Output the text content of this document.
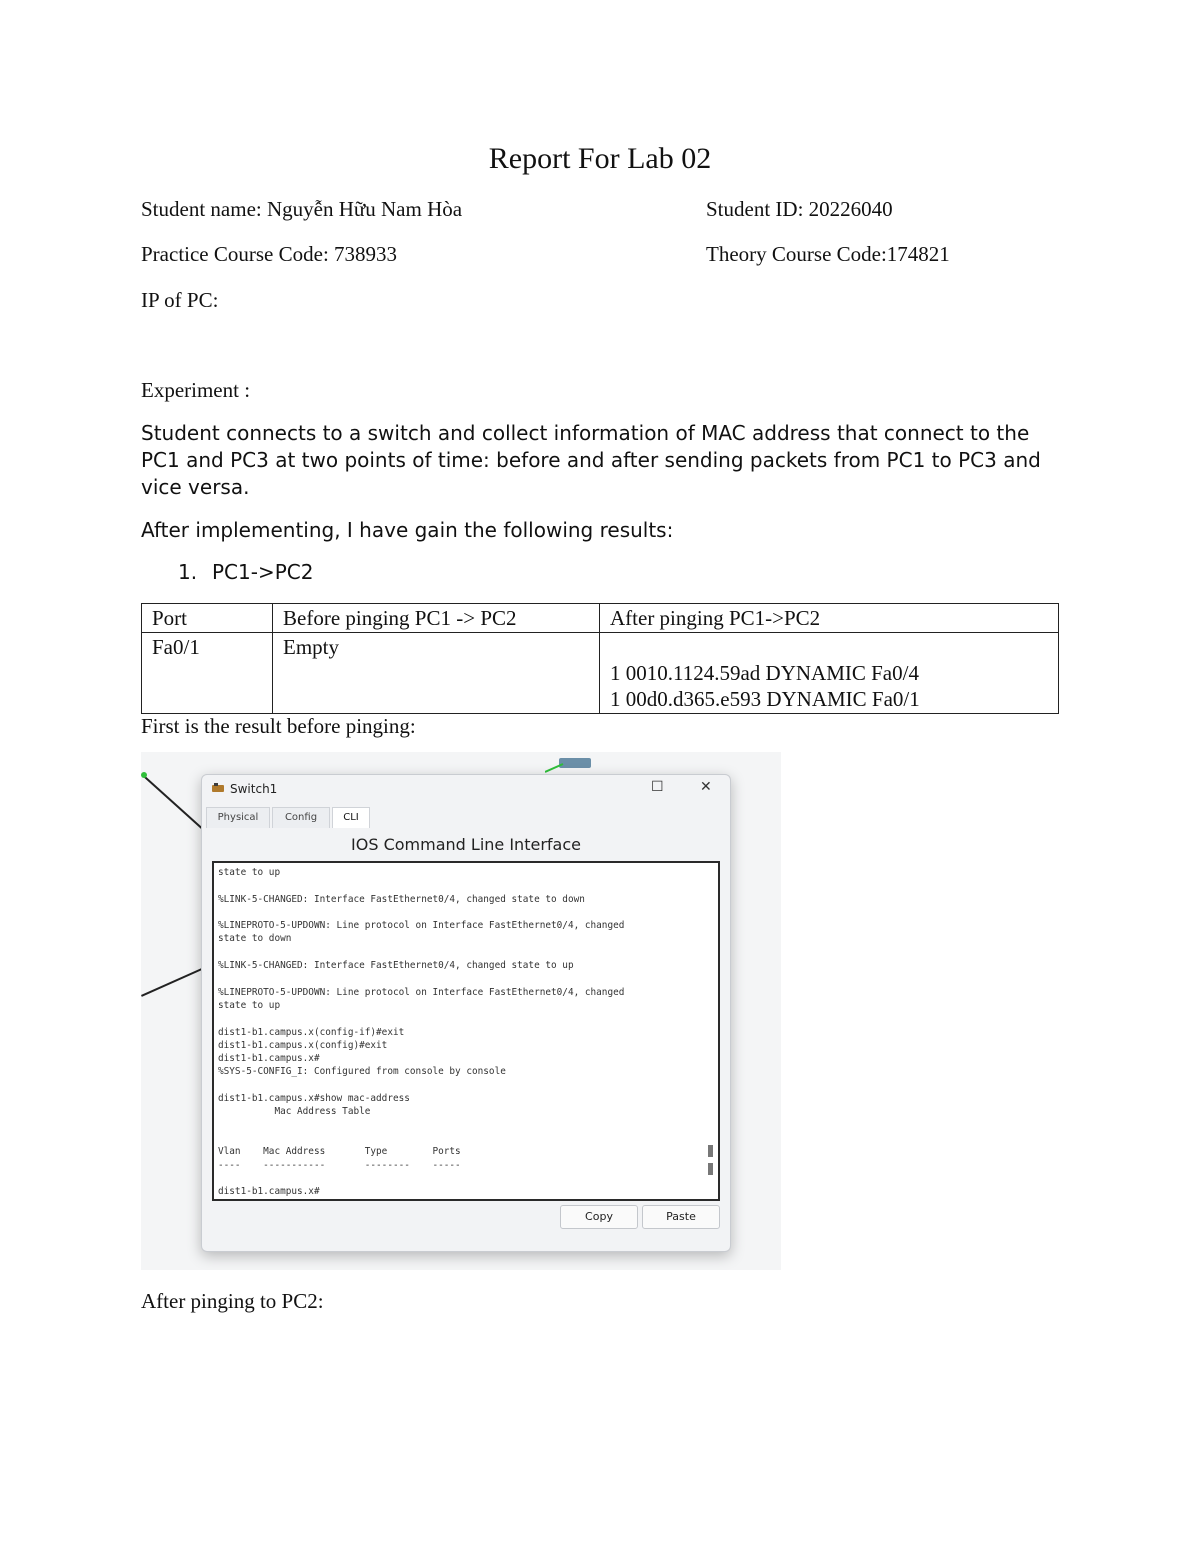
Report For Lab 02
Student name: Nguyễn Hữu Nam Hòa	Student ID: 20226040
Practice Course Code: 738933	Theory Course Code:174821
IP of PC:
Experiment :
Student connects to a switch and collect information of MAC address that connect to the PC1 and PC3 at two points of time: before and after sending packets from PC1 to PC3 and vice versa.
After implementing, I have gain the following results:
1. PC1->PC2
Port	Before pinging PC1 -> PC2	After pinging PC1->PC2
Fa0/1	Empty	1 0010.1124.59ad DYNAMIC Fa0/4
1 00d0.d365.e593 DYNAMIC Fa0/1
First is the result before pinging:
Switch1	☐	✕
Physical	Config	CLI
IOS Command Line Interface
state to up

%LINK-5-CHANGED: Interface FastEthernet0/4, changed state to down

%LINEPROTO-5-UPDOWN: Line protocol on Interface FastEthernet0/4, changed
state to down

%LINK-5-CHANGED: Interface FastEthernet0/4, changed state to up

%LINEPROTO-5-UPDOWN: Line protocol on Interface FastEthernet0/4, changed
state to up

dist1-b1.campus.x(config-if)#exit
dist1-b1.campus.x(config)#exit
dist1-b1.campus.x#
%SYS-5-CONFIG_I: Configured from console by console

dist1-b1.campus.x#show mac-address
Mac Address Table

Vlan    Mac Address       Type        Ports
----    -----------       --------    -----

dist1-b1.campus.x#
Copy	Paste
After pinging to PC2:
